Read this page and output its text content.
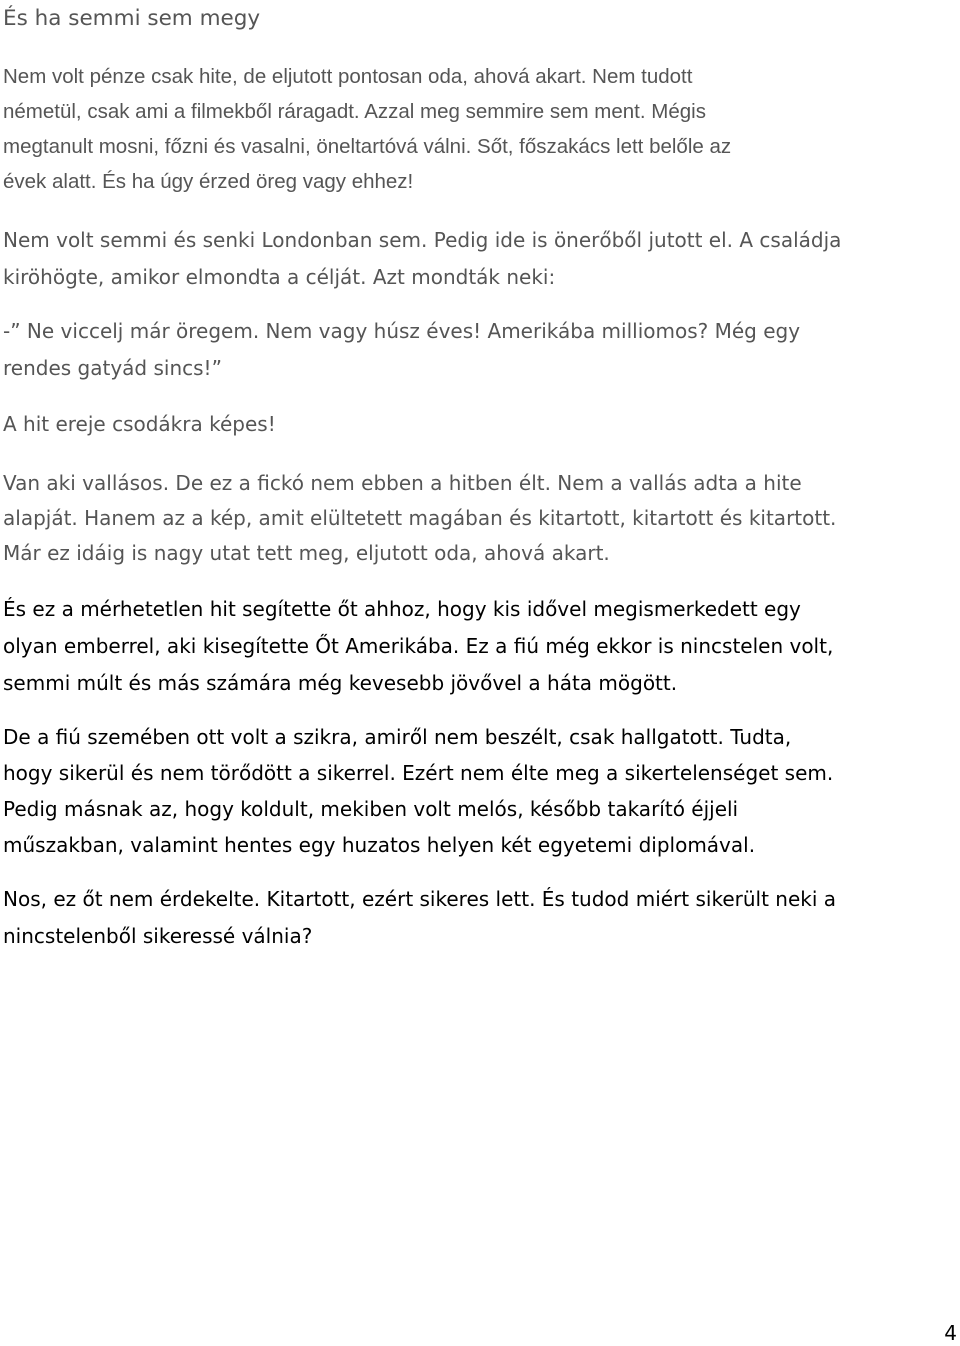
És ha semmi sem megy
Nem volt pénze csak hite, de eljutott pontosan oda, ahová akart. Nem tudott
németül, csak ami a filmekből ráragadt. Azzal meg semmire sem ment. Mégis
megtanult mosni, főzni és vasalni, öneltartóvá válni. Sőt, főszakács lett belőle az
évek alatt. És ha úgy érzed öreg vagy ehhez!
Nem volt semmi és senki Londonban sem. Pedig ide is önerőből jutott el. A családja
kiröhögte, amikor elmondta a célját. Azt mondták neki:
-” Ne viccelj már öregem. Nem vagy húsz éves! Amerikába milliomos? Még egy
rendes gatyád sincs!”
A hit ereje csodákra képes!
Van aki vallásos. De ez a fickó nem ebben a hitben élt. Nem a vallás adta a hite
alapját. Hanem az a kép, amit elültetett magában és kitartott, kitartott és kitartott.
Már ez idáig is nagy utat tett meg, eljutott oda, ahová akart.
És ez a mérhetetlen hit segítette őt ahhoz, hogy kis idővel megismerkedett egy
olyan emberrel, aki kisegítette Őt Amerikába. Ez a fiú még ekkor is nincstelen volt,
semmi múlt és más számára még kevesebb jövővel a háta mögött.
De a fiú szemében ott volt a szikra, amiről nem beszélt, csak hallgatott. Tudta,
hogy sikerül és nem törődött a sikerrel. Ezért nem élte meg a sikertelenséget sem.
Pedig másnak az, hogy koldult, mekiben volt melós, később takarító éjjeli
műszakban, valamint hentes egy huzatos helyen két egyetemi diplomával.
Nos, ez őt nem érdekelte. Kitartott, ezért sikeres lett. És tudod miért sikerült neki a
nincstelenből sikeressé válnia?
4
